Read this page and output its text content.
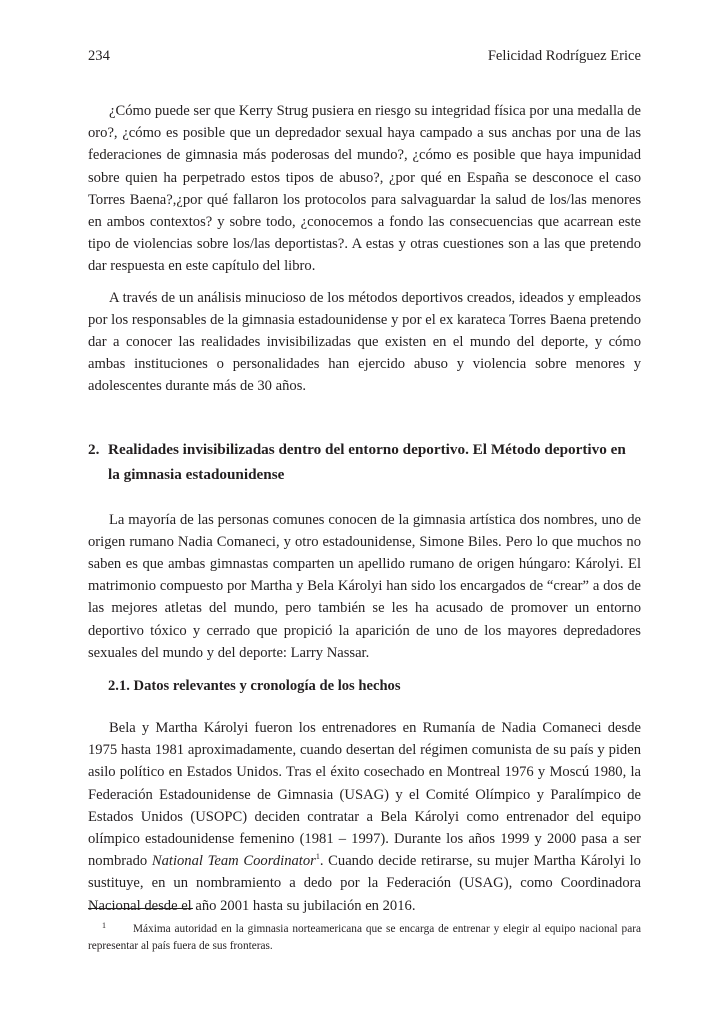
234	Felicidad Rodríguez Erice

¿Cómo puede ser que Kerry Strug pusiera en riesgo su integridad física por una medalla de oro?, ¿cómo es posible que un depredador sexual haya campado a sus anchas por una de las federaciones de gimnasia más poderosas del mundo?, ¿cómo es posible que haya impunidad sobre quien ha perpetrado estos tipos de abuso?, ¿por qué en España se desconoce el caso Torres Baena?,¿por qué fallaron los protocolos para salvaguardar la salud de los/las menores en ambos contextos? y sobre todo, ¿conocemos a fondo las consecuencias que acarrean este tipo de violencias sobre los/las deportistas?. A estas y otras cuestiones son a las que pretendo dar respuesta en este capítulo del libro.

A través de un análisis minucioso de los métodos deportivos creados, ideados y empleados por los responsables de la gimnasia estadounidense y por el ex karateca Torres Baena pretendo dar a conocer las realidades invisibilizadas que existen en el mundo del deporte, y cómo ambas instituciones o personalidades han ejercido abuso y violencia sobre menores y adolescentes durante más de 30 años.

2. Realidades invisibilizadas dentro del entorno deportivo. El Método deportivo en la gimnasia estadounidense

La mayoría de las personas comunes conocen de la gimnasia artística dos nombres, uno de origen rumano Nadia Comaneci, y otro estadounidense, Simone Biles. Pero lo que muchos no saben es que ambas gimnastas comparten un apellido rumano de origen húngaro: Károlyi. El matrimonio compuesto por Martha y Bela Károlyi han sido los encargados de “crear” a dos de las mejores atletas del mundo, pero también se les ha acusado de promover un entorno deportivo tóxico y cerrado que propició la aparición de uno de los mayores depredadores sexuales del mundo y del deporte: Larry Nassar.

2.1. Datos relevantes y cronología de los hechos

Bela y Martha Károlyi fueron los entrenadores en Rumanía de Nadia Comaneci desde 1975 hasta 1981 aproximadamente, cuando desertan del régimen comunista de su país y piden asilo político en Estados Unidos. Tras el éxito cosechado en Montreal 1976 y Moscú 1980, la Federación Estadounidense de Gimnasia (USAG) y el Comité Olímpico y Paralímpico de Estados Unidos (USOPC) deciden contratar a Bela Károlyi como entrenador del equipo olímpico estadounidense femenino (1981 – 1997). Durante los años 1999 y 2000 pasa a ser nombrado National Team Coordinator$^1$. Cuando decide retirarse, su mujer Martha Károlyi lo sustituye, en un nombramiento a dedo por la Federación (USAG), como Coordinadora Nacional desde el año 2001 hasta su jubilación en 2016.

$^1$ Máxima autoridad en la gimnasia norteamericana que se encarga de entrenar y elegir al equipo nacional para representar al país fuera de sus fronteras.
